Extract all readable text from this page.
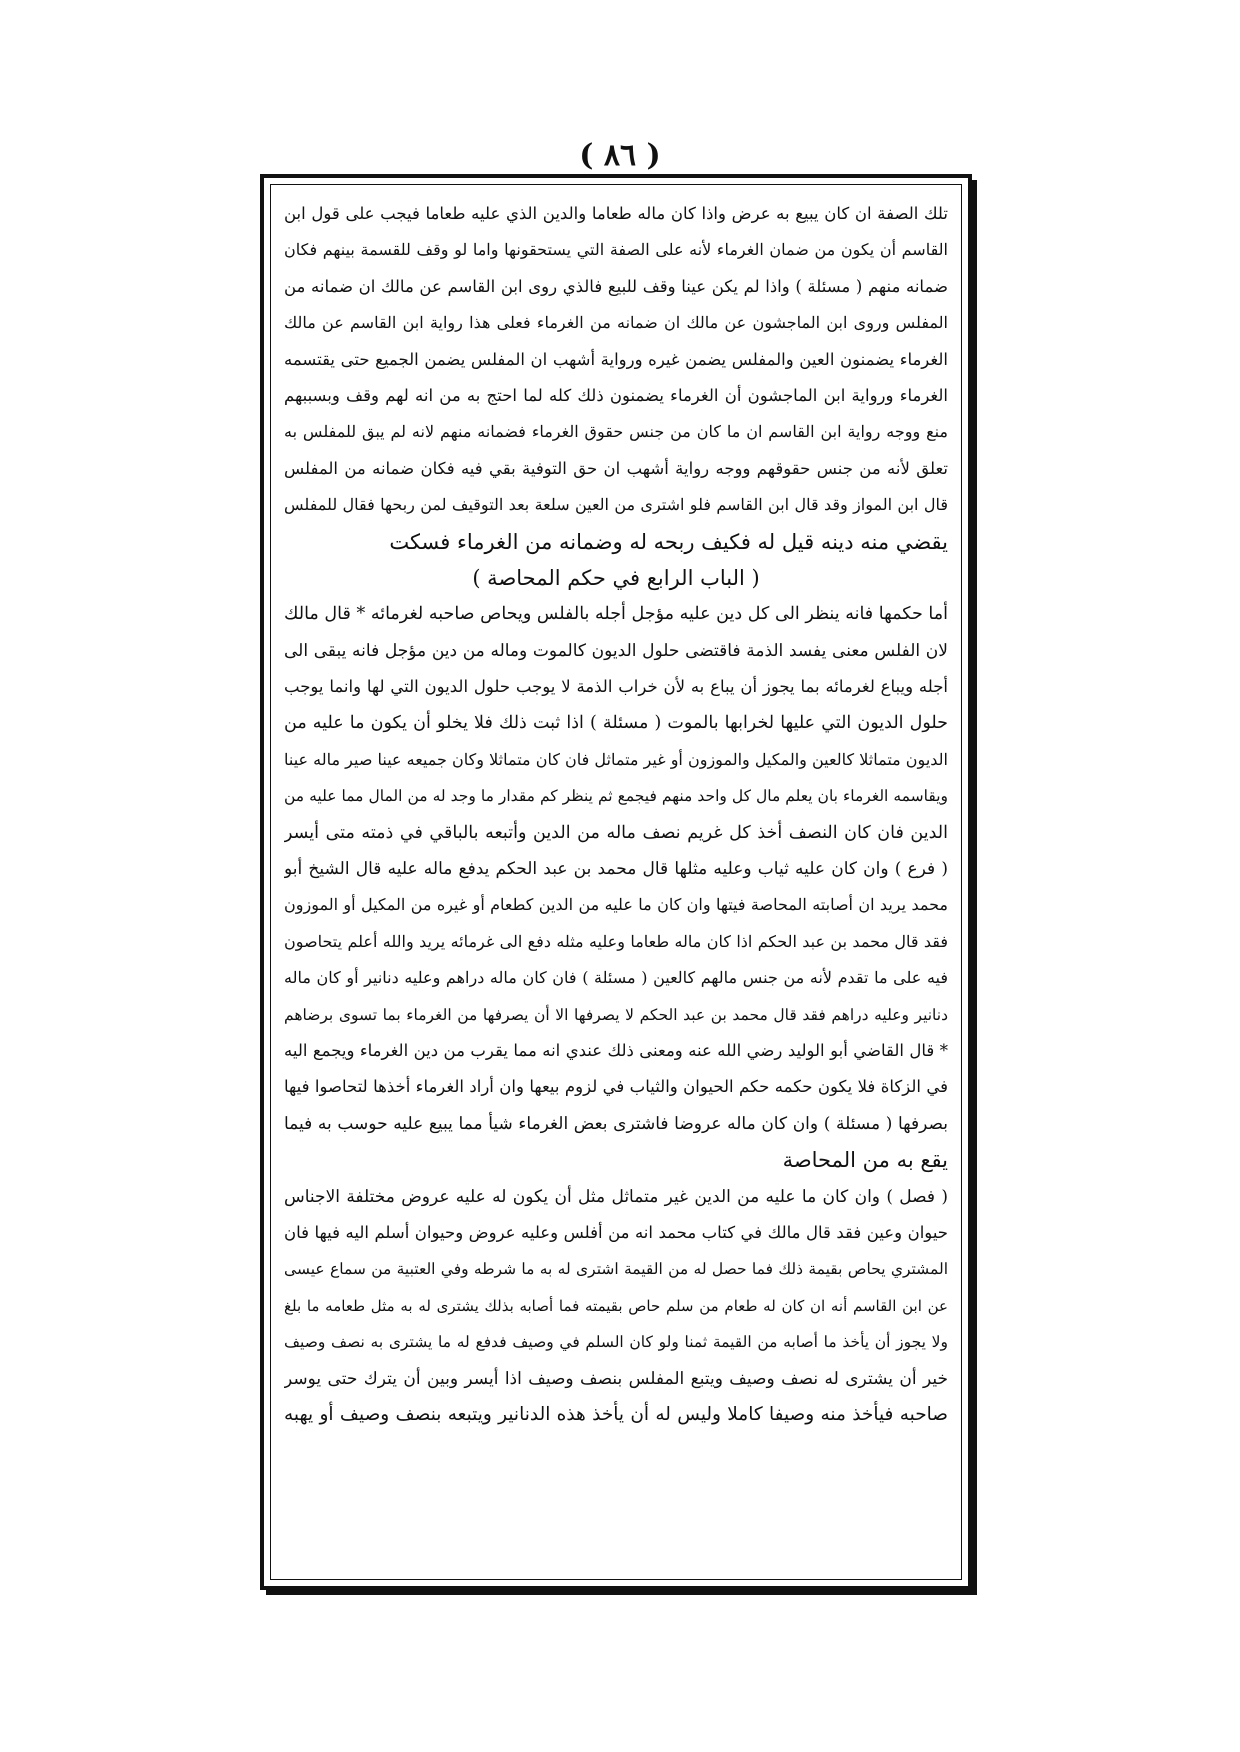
( ٨٦ )
تلك الصفة ان كان يبيع به عرض واذا كان ماله طعاما والدين الذي عليه طعاما فيجب على قول ابن
القاسم أن يكون من ضمان الغرماء لأنه على الصفة التي يستحقونها واما لو وقف للقسمة بينهم فكان
ضمانه منهم ( مسئلة ) واذا لم يكن عينا وقف للبيع فالذي روى ابن القاسم عن مالك ان ضمانه من
المفلس وروى ابن الماجشون عن مالك ان ضمانه من الغرماء فعلى هذا رواية ابن القاسم عن مالك
الغرماء يضمنون العين والمفلس يضمن غيره ورواية أشهب ان المفلس يضمن الجميع حتى يقتسمه
الغرماء ورواية ابن الماجشون أن الغرماء يضمنون ذلك كله لما احتج به من انه لهم وقف وبسببهم
منع ووجه رواية ابن القاسم ان ما كان من جنس حقوق الغرماء فضمانه منهم لانه لم يبق للمفلس به
تعلق لأنه من جنس حقوقهم ووجه رواية أشهب ان حق التوفية بقي فيه فكان ضمانه من المفلس
قال ابن المواز وقد قال ابن القاسم فلو اشترى من العين سلعة بعد التوقيف لمن ربحها فقال للمفلس
يقضي منه دينه قيل له فكيف ربحه له وضمانه من الغرماء فسكت
( الباب الرابع في حكم المحاصة )
أما حكمها فانه ينظر الى كل دين عليه مؤجل أجله بالفلس ويحاص صاحبه لغرمائه * قال مالك
لان الفلس معنى يفسد الذمة فاقتضى حلول الديون كالموت وماله من دين مؤجل فانه يبقى الى
أجله ويباع لغرمائه بما يجوز أن يباع به لأن خراب الذمة لا يوجب حلول الديون التي لها وانما يوجب
حلول الديون التي عليها لخرابها بالموت ( مسئلة ) اذا ثبت ذلك فلا يخلو أن يكون ما عليه من
الديون متماثلا كالعين والمكيل والموزون أو غير متماثل فان كان متماثلا وكان جميعه عينا صير ماله عينا
ويقاسمه الغرماء بان يعلم مال كل واحد منهم فيجمع ثم ينظر كم مقدار ما وجد له من المال مما عليه من
الدين فان كان النصف أخذ كل غريم نصف ماله من الدين وأتبعه بالباقي في ذمته متى أيسر
( فرع ) وان كان عليه ثياب وعليه مثلها قال محمد بن عبد الحكم يدفع ماله عليه قال الشيخ أبو
محمد يريد ان أصابته المحاصة فيتها وان كان ما عليه من الدين كطعام أو غيره من المكيل أو الموزون
فقد قال محمد بن عبد الحكم اذا كان ماله طعاما وعليه مثله دفع الى غرمائه يريد والله أعلم يتحاصون
فيه على ما تقدم لأنه من جنس مالهم كالعين ( مسئلة ) فان كان ماله دراهم وعليه دنانير أو كان ماله
دنانير وعليه دراهم فقد قال محمد بن عبد الحكم لا يصرفها الا أن يصرفها من الغرماء بما تسوى برضاهم
* قال القاضي أبو الوليد رضي الله عنه ومعنى ذلك عندي انه مما يقرب من دين الغرماء ويجمع اليه
في الزكاة فلا يكون حكمه حكم الحيوان والثياب في لزوم بيعها وان أراد الغرماء أخذها لتحاصوا فيها
بصرفها ( مسئلة ) وان كان ماله عروضا فاشترى بعض الغرماء شيأ مما يبيع عليه حوسب به فيما
يقع به من المحاصة
( فصل ) وان كان ما عليه من الدين غير متماثل مثل أن يكون له عليه عروض مختلفة الاجناس
حيوان وعين فقد قال مالك في كتاب محمد انه من أفلس وعليه عروض وحيوان أسلم اليه فيها فان
المشتري يحاص بقيمة ذلك فما حصل له من القيمة اشترى له به ما شرطه وفي العتبية من سماع عيسى
عن ابن القاسم أنه ان كان له طعام من سلم حاص بقيمته فما أصابه بذلك يشترى له به مثل طعامه ما بلغ
ولا يجوز أن يأخذ ما أصابه من القيمة ثمنا ولو كان السلم في وصيف فدفع له ما يشترى به نصف وصيف
خير أن يشترى له نصف وصيف ويتبع المفلس بنصف وصيف اذا أيسر وبين أن يترك حتى يوسر
صاحبه فيأخذ منه وصيفا كاملا وليس له أن يأخذ هذه الدنانير ويتبعه بنصف وصيف أو يهبه
